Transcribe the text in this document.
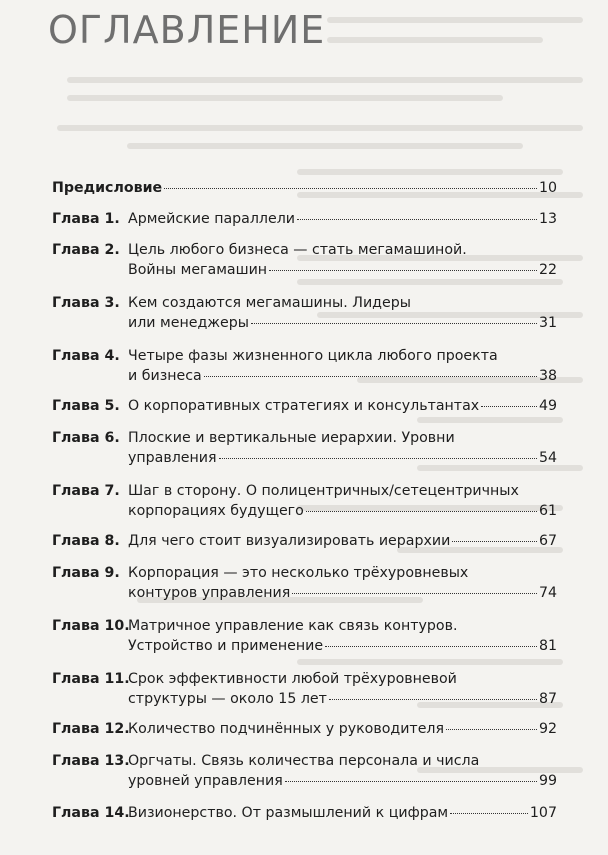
ОГЛАВЛЕНИЕ
Предисловие	10
Глава 1. Армейские параллели	13
Глава 2. Цель любого бизнеса — стать мегамашиной.
Войны мегамашин	22
Глава 3. Кем создаются мегамашины. Лидеры
или менеджеры	31
Глава 4. Четыре фазы жизненного цикла любого проекта
и бизнеса	38
Глава 5. О корпоративных стратегиях и консультантах	49
Глава 6. Плоские и вертикальные иерархии. Уровни
управления	54
Глава 7. Шаг в сторону. О полицентричных/сетецентричных
корпорациях будущего	61
Глава 8. Для чего стоит визуализировать иерархии	67
Глава 9. Корпорация — это несколько трёхуровневых
контуров управления	74
Глава 10.
Матричное управление как связь контуров.
Устройство и применение	81
Глава 11.
Срок эффективности любой трёхуровневой
структуры — около 15 лет	87
Глава 12.
Количество подчинённых у руководителя	92
Глава 13.
Оргчаты. Связь количества персонала и числа
уровней управления	99
Глава 14.
Визионерство. От размышлений к цифрам	107
